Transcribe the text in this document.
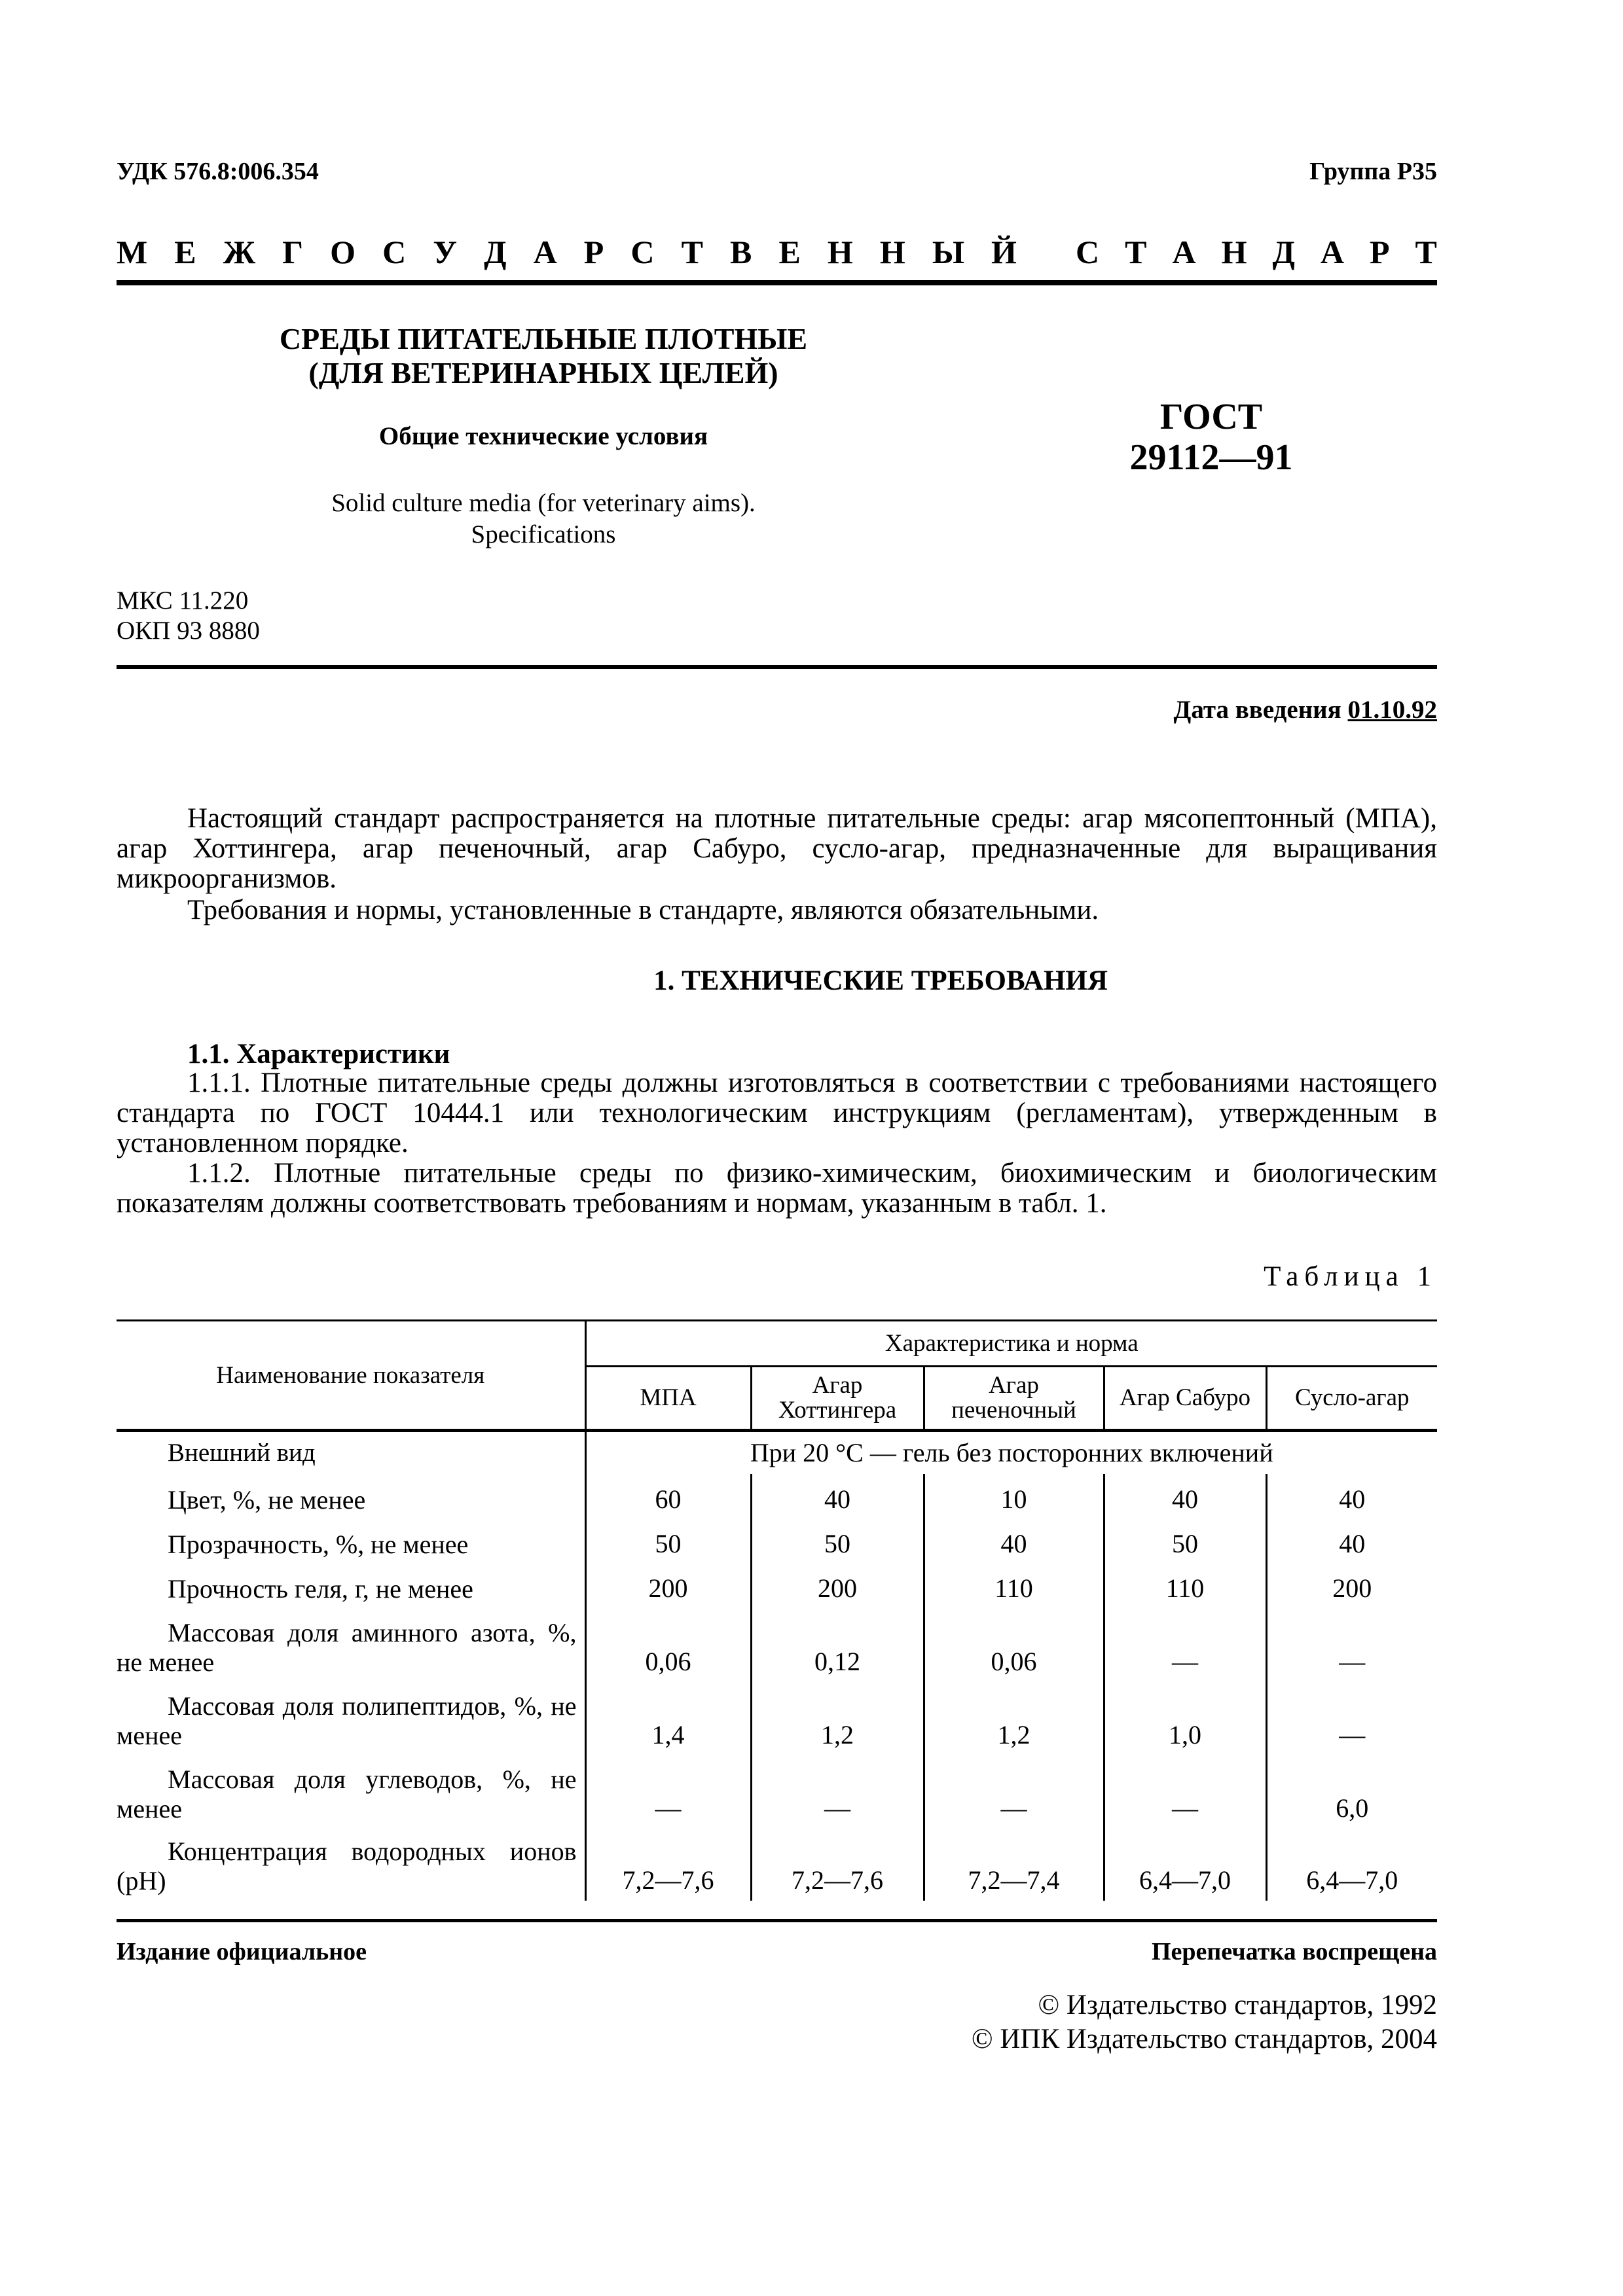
УДК 576.8:006.354	Группа Р35
М Е Ж Г О С У Д А Р С Т В Е Н Н Ы Й С Т А Н Д А Р Т
СРЕДЫ ПИТАТЕЛЬНЫЕ ПЛОТНЫЕ
(ДЛЯ ВЕТЕРИНАРНЫХ ЦЕЛЕЙ)
Общие технические условия
Solid culture media (for veterinary aims).
Specifications
ГОСТ
29112—91
МКС 11.220
ОКП 93 8880
Дата введения 01.10.92
Настоящий стандарт распространяется на плотные питательные среды: агар мясопептонный (МПА), агар Хоттингера, агар печеночный, агар Сабуро, сусло-агар, предназначенные для выращивания микроорганизмов.
Требования и нормы, установленные в стандарте, являются обязательными.
1. ТЕХНИЧЕСКИЕ ТРЕБОВАНИЯ
1.1. Характеристики
1.1.1. Плотные питательные среды должны изготовляться в соответствии с требованиями настоящего стандарта по ГОСТ 10444.1 или технологическим инструкциям (регламентам), утвержденным в установленном порядке.
1.1.2. Плотные питательные среды по физико-химическим, биохимическим и биологическим показателям должны соответствовать требованиям и нормам, указанным в табл. 1.
Таблица 1
Наименование показателя	Характеристика и норма				
	МПА	Агар Хоттингера	Агар печеночный	Агар Сабуро	Сусло-агар
Внешний вид	При 20 °С — гель без посторонних включений				
Цвет, %, не менее	60	40	10	40	40
Прозрачность, %, не менее	50	50	40	50	40
Прочность геля, г, не менее	200	200	110	110	200
Массовая доля аминного азота, %, не менее	0,06	0,12	0,06	—	—
Массовая доля полипептидов, %, не менее	1,4	1,2	1,2	1,0	—
Массовая доля углеводов, %, не менее	—	—	—	—	6,0
Концентрация водородных ионов (рН)	7,2—7,6	7,2—7,6	7,2—7,4	6,4—7,0	6,4—7,0
Издание официальное	Перепечатка воспрещена
© Издательство стандартов, 1992
© ИПК Издательство стандартов, 2004
